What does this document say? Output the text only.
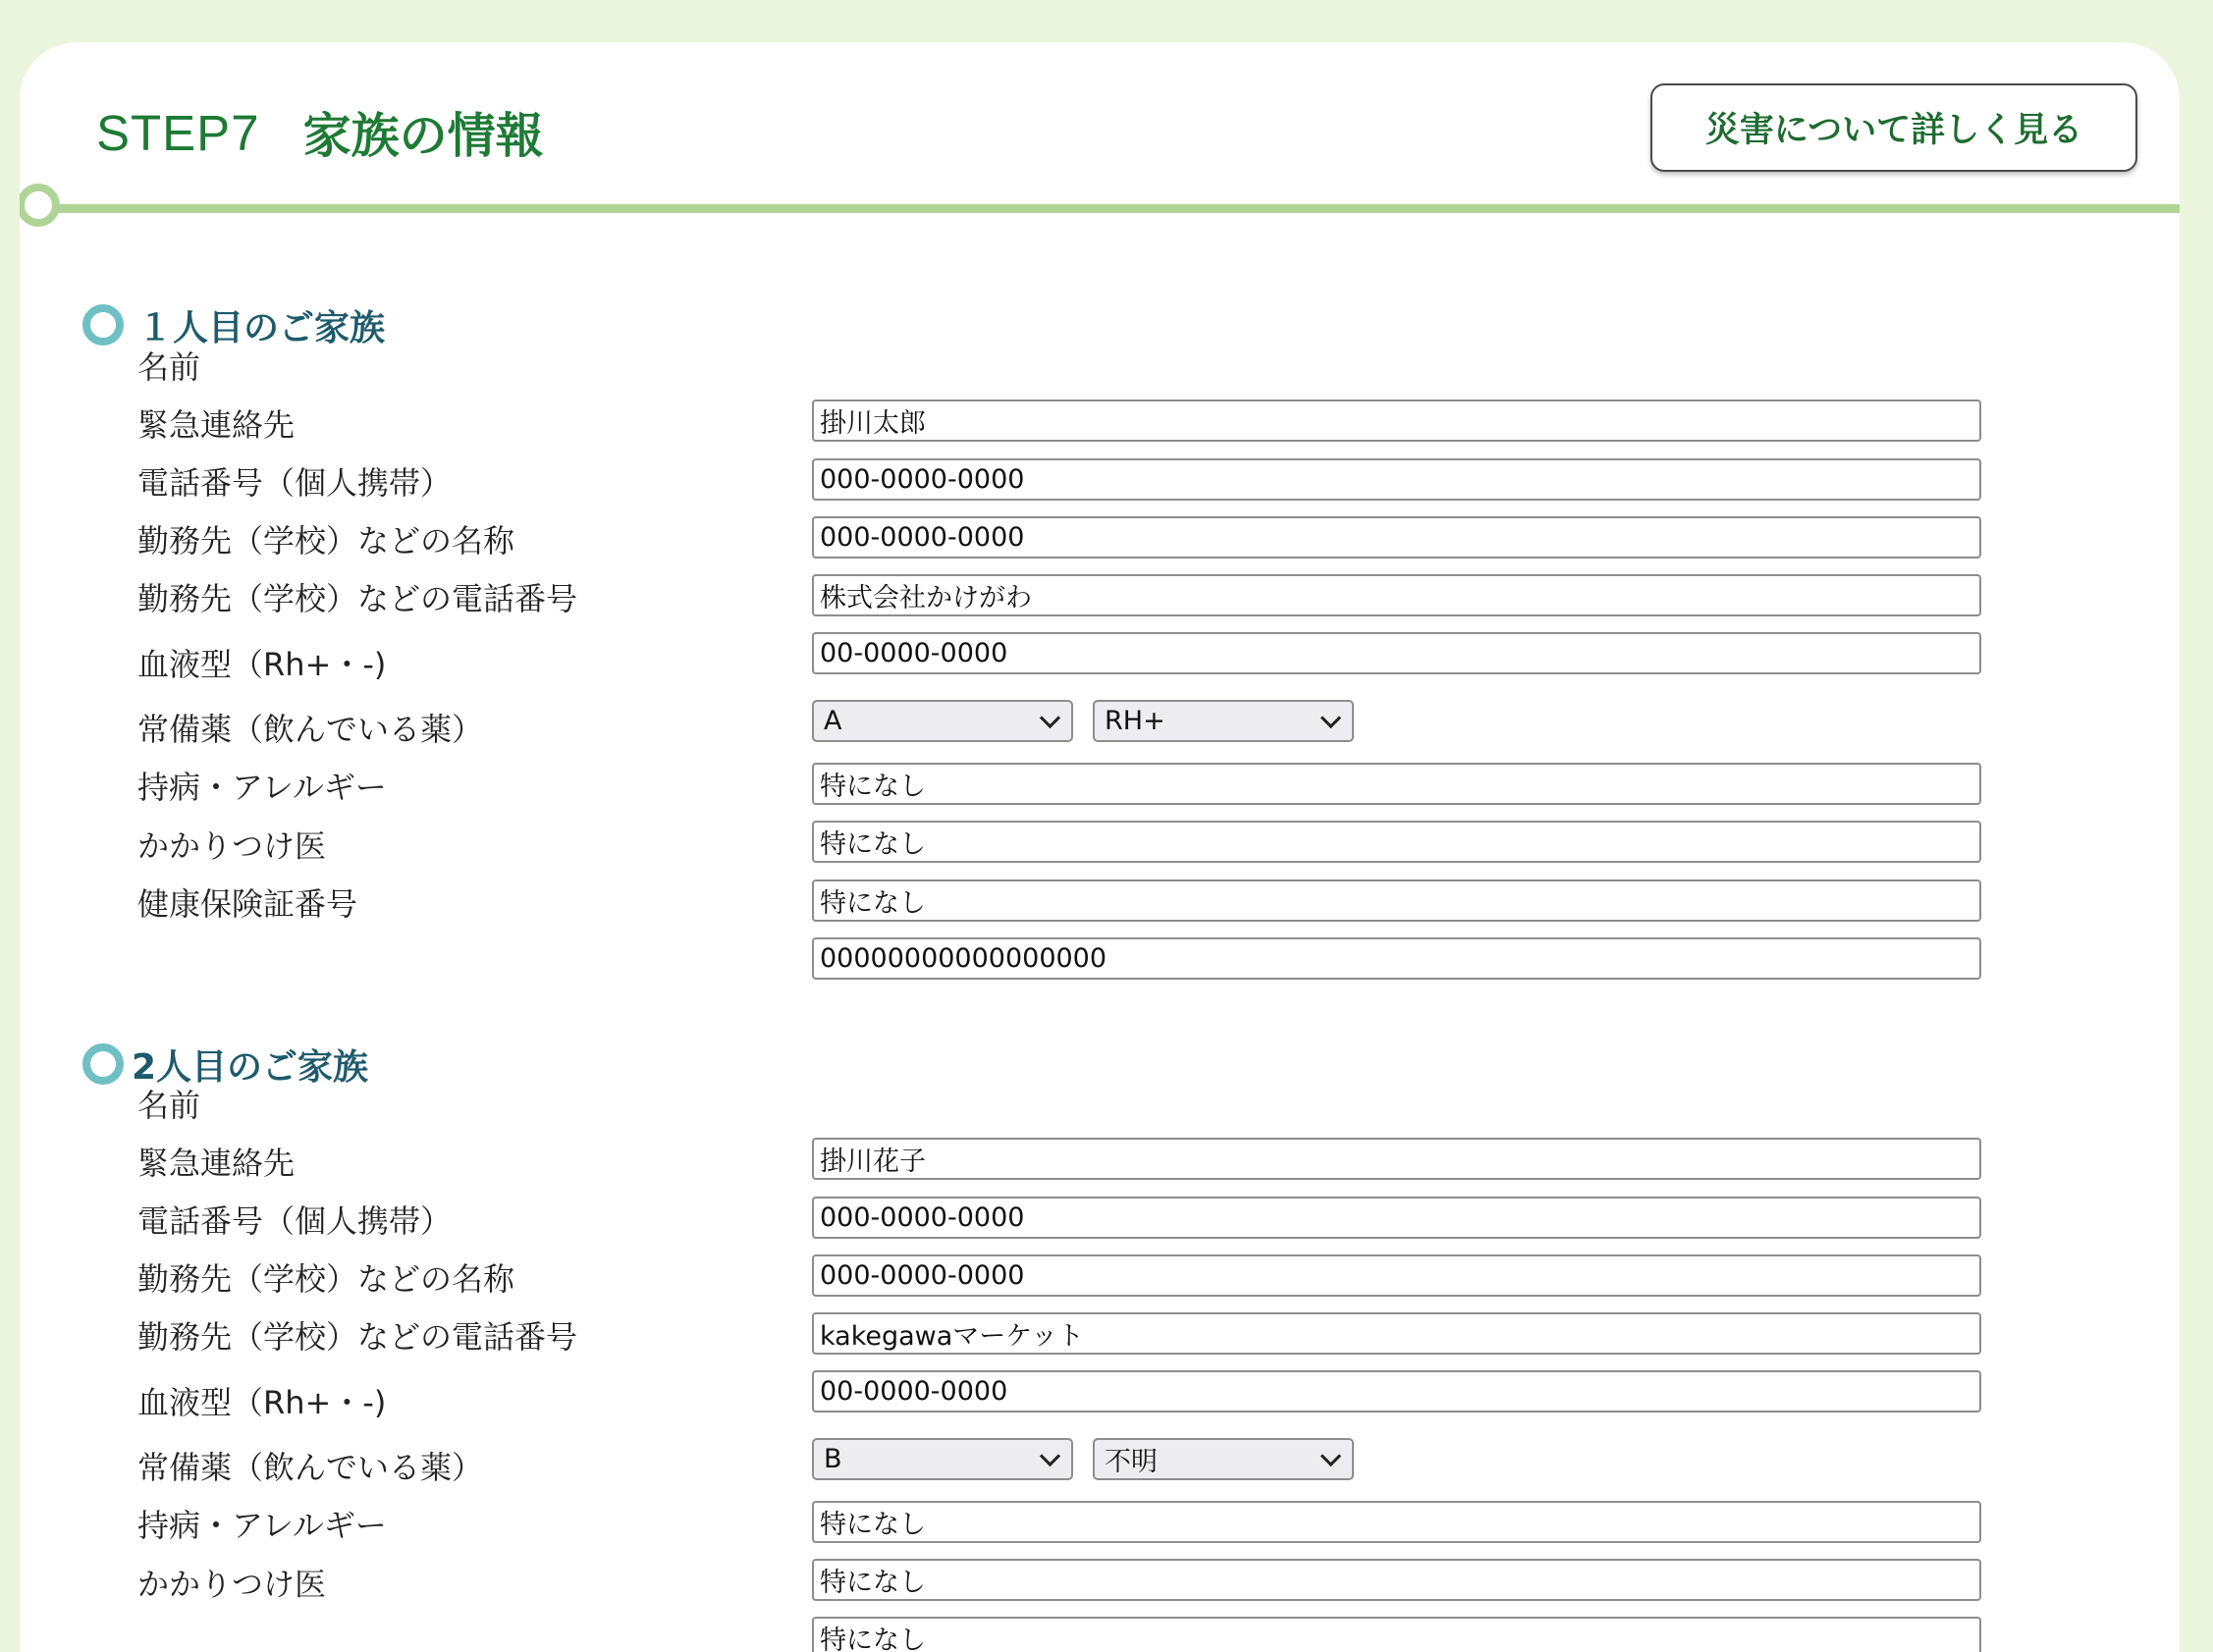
STEP7 家族の情報	災害について詳しく見る
１人目のご家族
名前
掛川太郎
緊急連絡先
000-0000-0000
電話番号（個人携帯）
000-0000-0000
勤務先（学校）などの名称
株式会社かけがわ
勤務先（学校）などの電話番号
00-0000-0000
血液型（Rh+・-)
A	RH+
常備薬（飲んでいる薬）
特になし
持病・アレルギー
特になし
かかりつけ医
特になし
健康保険証番号
00000000000000000
2人目のご家族
名前
掛川花子
緊急連絡先
000-0000-0000
電話番号（個人携帯）
000-0000-0000
勤務先（学校）などの名称
kakegawaマーケット
勤務先（学校）などの電話番号
00-0000-0000
血液型（Rh+・-)
B	不明
常備薬（飲んでいる薬）
特になし
持病・アレルギー
特になし
かかりつけ医
特になし
